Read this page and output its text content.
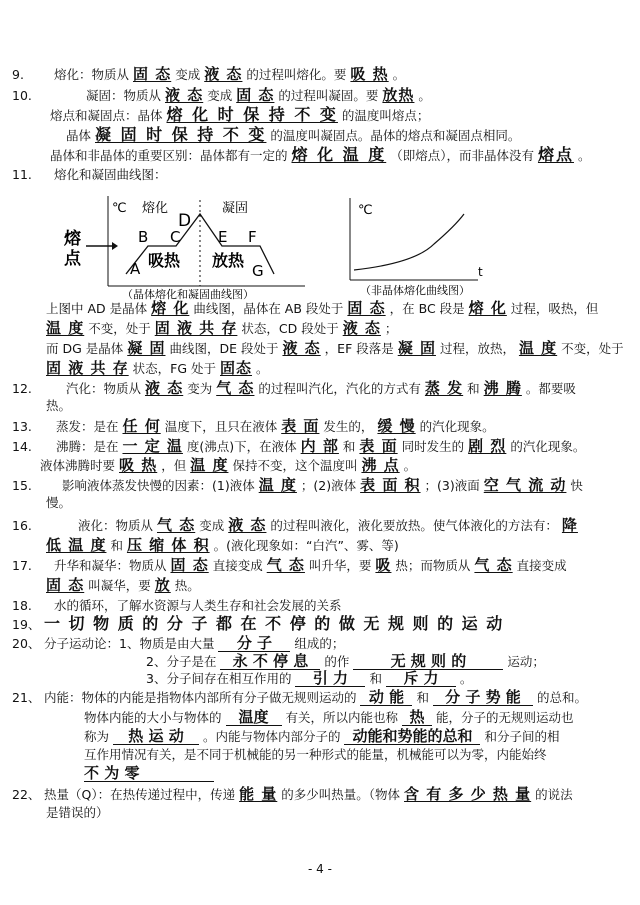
9. 熔化：物质从 固 态 变成 液 态 的过程叫熔化。要 吸 热 。
10.	凝固：物质从 液 态 变成 固 态 的过程叫凝固。要 放热 。
熔点和凝固点：晶体 熔 化 时 保 持 不 变 的温度叫熔点；
晶体 凝 固 时 保 持 不 变 的温度叫凝固点。晶体的熔点和凝固点相同。
晶体和非晶体的重要区别：晶体都有一定的 熔 化 温 度 （即熔点），而非晶体没有 熔点 。
11. 熔化和凝固曲线图：
熔
点
℃ 熔化	凝固
A
B C
D
E F
G
吸热 放热
（晶体熔化和凝固曲线图）
℃
t
（非晶体熔化曲线图）
上图中 AD 是晶体 熔 化 曲线图，晶体在 AB 段处于 固 态 ，在 BC 段是 熔 化 过程，吸热，但
温 度 不变，处于 固 液 共 存 状态，CD 段处于 液 态 ；
而 DG 是晶体 凝 固 曲线图，DE 段处于 液 态 ，EF 段落是 凝 固 过程，放热， 温 度 不变，处于
固 液 共 存 状态，FG 处于 固态 。
12.	汽化：物质从 液 态 变为 气 态 的过程叫汽化，汽化的方式有 蒸 发 和 沸 腾 。都要吸
热。
13. 蒸发：是在 任 何 温度下，且只在液体 表 面 发生的， 缓 慢 的汽化现象。
14. 沸腾：是在 一 定 温 度(沸点)下，在液体 内 部 和 表 面 同时发生的 剧 烈 的汽化现象。
液体沸腾时要 吸 热 ，但 温 度 保持不变，这个温度叫 沸 点 。
15. 影响液体蒸发快慢的因素：(1)液体 温 度 ；(2)液体 表 面 积 ；(3)液面 空 气 流 动 快
慢。
16.	液化：物质从 气 态 变成 液 态 的过程叫液化，液化要放热。使气体液化的方法有： 降
低 温 度 和 压 缩 体 积 。(液化现象如：“白汽”、雾、等)
17. 升华和凝华：物质从 固 态 直接变成 气 态 叫升华，要 吸 热；而物质从 气 态 直接变成
固 态 叫凝华，要 放 热。
18. 水的循环，了解水资源与人类生存和社会发展的关系
19、 一 切 物 质 的 分 子 都 在 不 停 的 做 无 规 则 的 运 动
20、 分子运动论：1、物质是由大量 分 子 组成的；
2、分子是在 永 不 停 息 的作	无 规 则 的	运动；
3、分子间存在相互作用的 引 力 和 斥 力 。
21、 内能：物体的内能是指物体内部所有分子做无规则运动的 动 能 和 分 子 势 能 的总和。
物体内能的大小与物体的 温度 有关，所以内能也称 热 能，分子的无规则运动也
称为 热 运 动 。内能与物体内部分子的 动能和势能的总和 和分子间的相
互作用情况有关，是不同于机械能的另一种形式的能量，机械能可以为零，内能始终
不 为 零
22、 热量（Q）：在热传递过程中，传递 能 量 的多少叫热量。（物体 含 有 多 少 热 量 的说法
是错误的）
- 4 -
